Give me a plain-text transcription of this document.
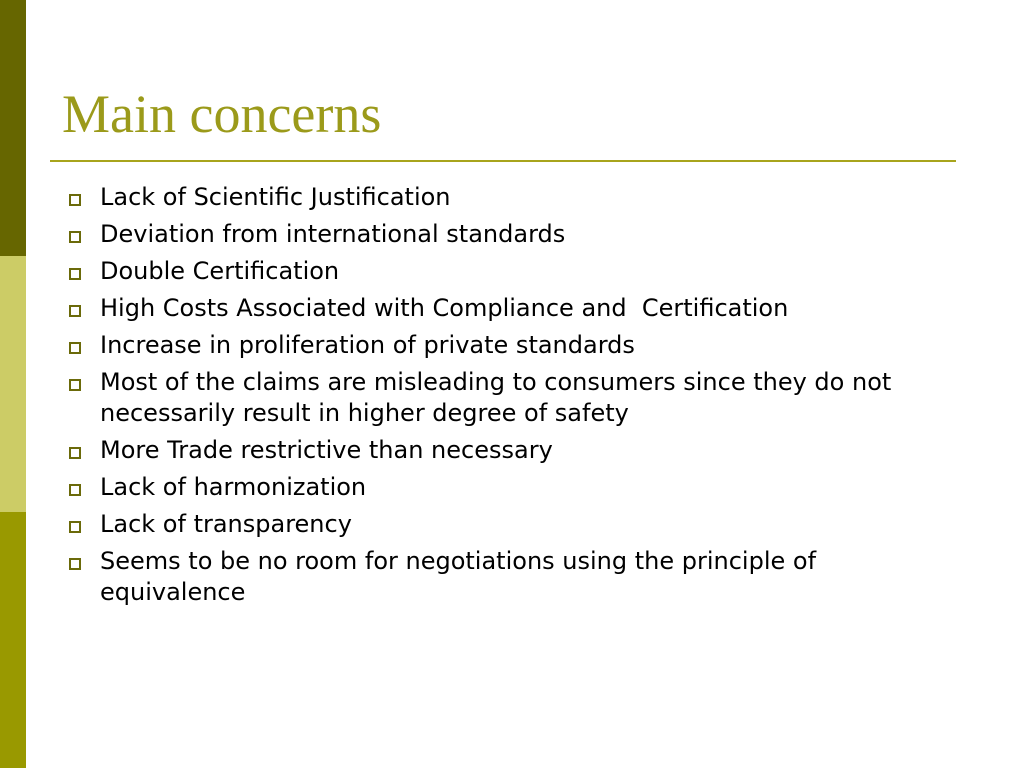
Main concerns
Lack of Scientific Justification
Deviation from international standards
Double Certification
High Costs Associated with Compliance and  Certification
Increase in proliferation of private standards
Most of the claims are misleading to consumers since they do not necessarily result in higher degree of safety
More Trade restrictive than necessary
Lack of harmonization
Lack of transparency
Seems to be no room for negotiations using the principle of equivalence
